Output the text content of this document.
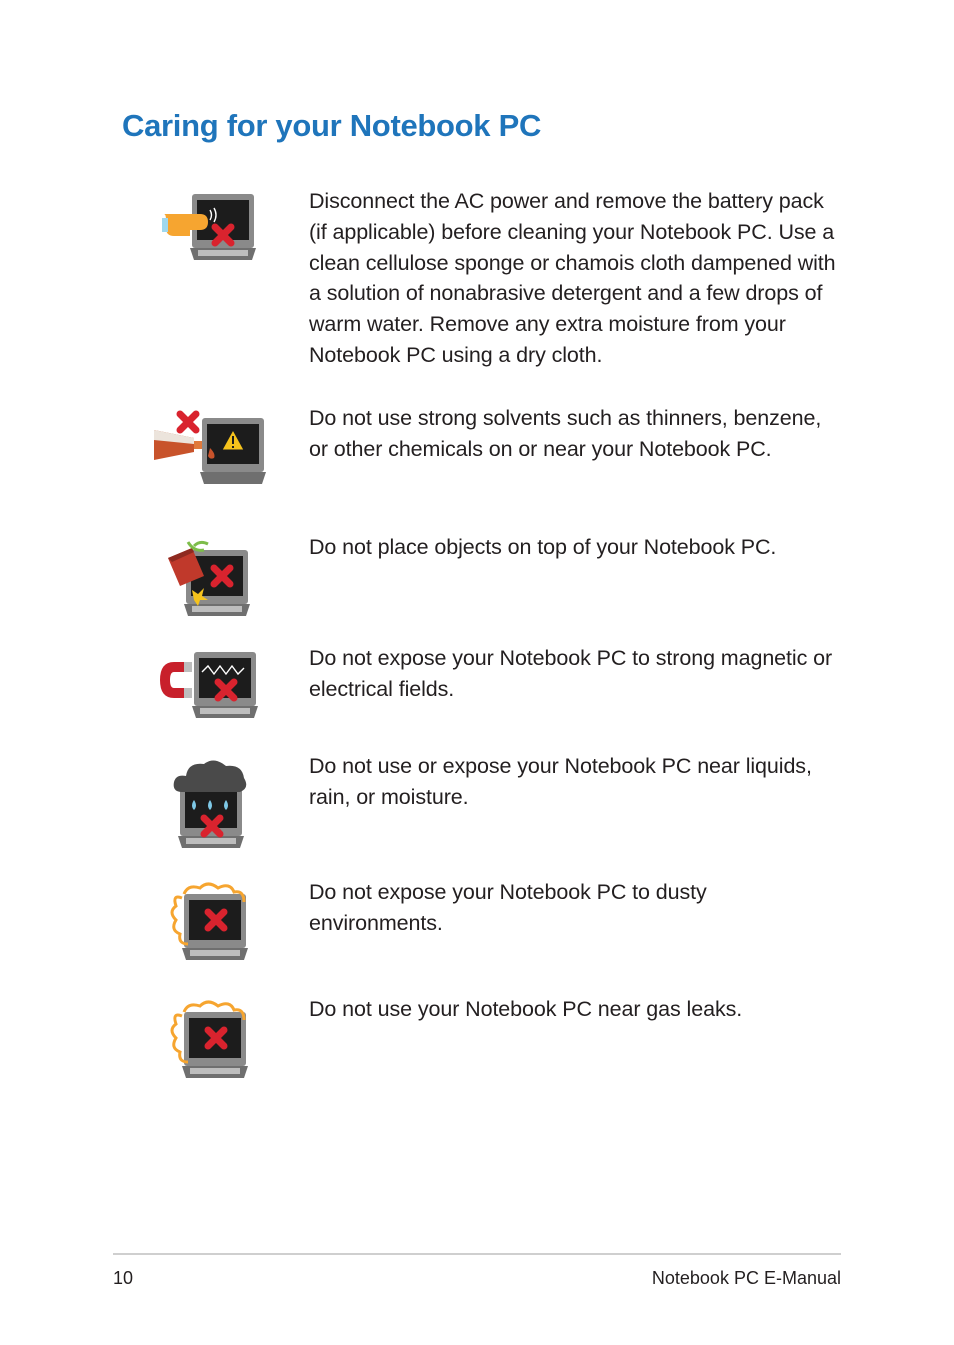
Caring for your Notebook PC

Disconnect the AC power and remove the battery pack (if applicable) before cleaning your Notebook PC. Use a clean cellulose sponge or chamois cloth dampened with a solution of nonabrasive detergent and a few drops of warm water. Remove any extra moisture from your Notebook PC using a dry cloth.

Do not use strong solvents such as thinners, benzene, or other chemicals on or near your Notebook PC.

Do not place objects on top of your Notebook PC.

Do not expose your Notebook PC to strong magnetic or electrical fields.

Do not use or expose your Notebook PC near liquids, rain, or moisture.

Do not expose your Notebook PC to dusty environments.

Do not use your Notebook PC near gas leaks.

10	Notebook PC E-Manual
